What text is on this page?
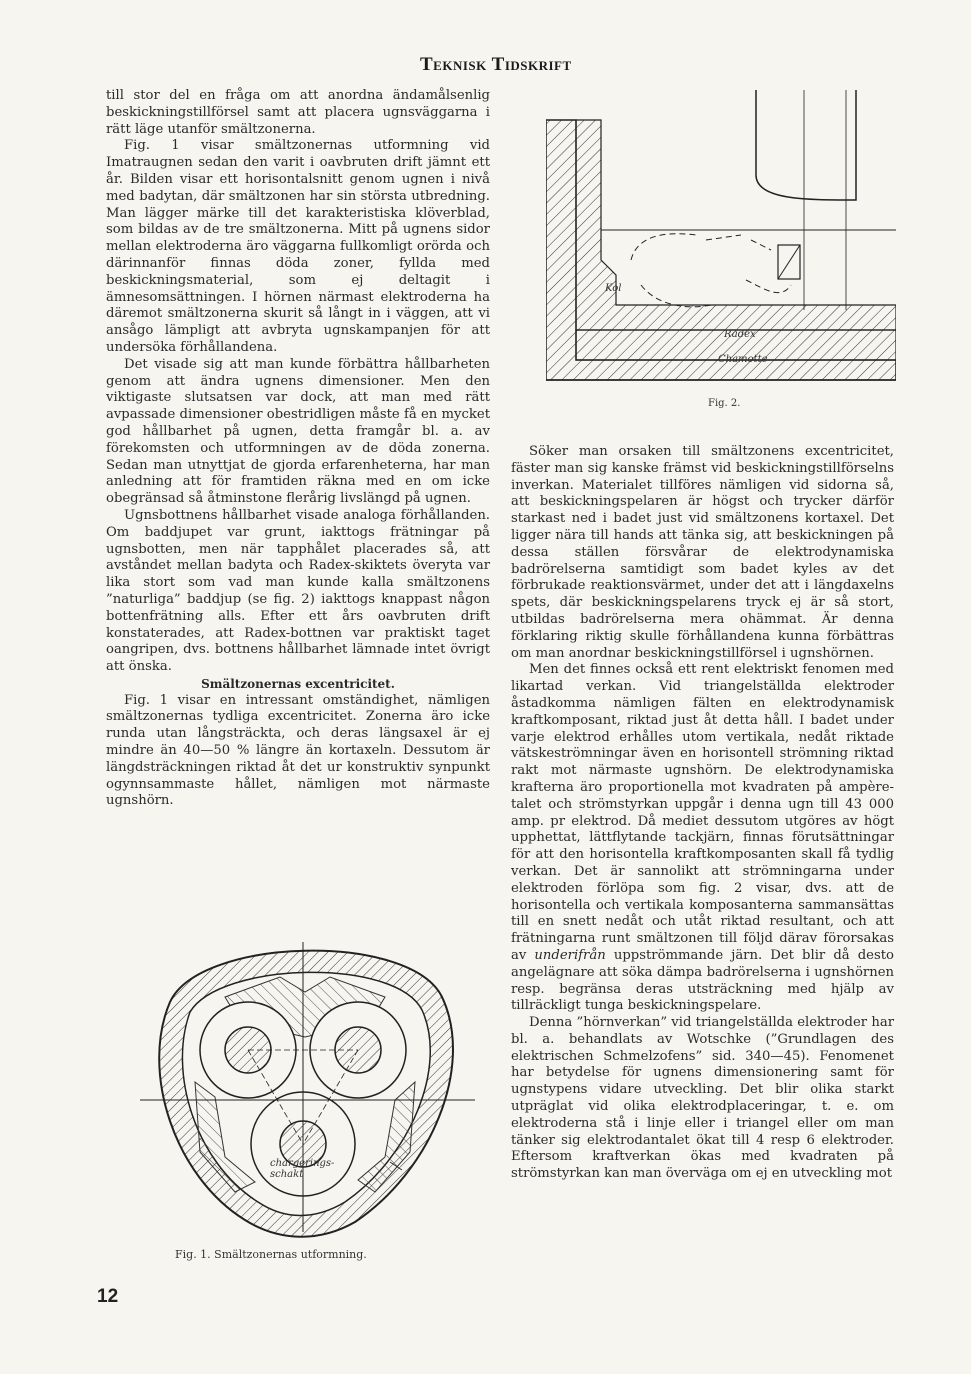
Teknisk Tidskrift

till stor del en fråga om att anordna ändamålsenlig beskickningstillförsel samt att placera ugnsväggarna i rätt läge utanför smältzonerna.

Fig. 1 visar smältzonernas utformning vid Imatraugnen sedan den varit i oavbruten drift jämnt ett år. Bilden visar ett horisontalsnitt genom ugnen i nivå med badytan, där smältzonen har sin största utbredning. Man lägger märke till det karakteristiska klöverblad, som bildas av de tre smältzonerna. Mitt på ugnens sidor mellan elektroderna äro väggarna fullkomligt orörda och därinnanför finnas döda zoner, fyllda med beskickningsmaterial, som ej deltagit i ämnesomsättningen. I hörnen närmast elektroderna ha däremot smältzonerna skurit så långt in i väggen, att vi ansågo lämpligt att avbryta ugnskampanjen för att undersöka förhållandena.

Det visade sig att man kunde förbättra hållbarheten genom att ändra ugnens dimensioner. Men den viktigaste slutsatsen var dock, att man med rätt avpassade dimensioner obestridligen måste få en mycket god hållbarhet på ugnen, detta framgår bl. a. av förekomsten och utformningen av de döda zonerna. Sedan man utnyttjat de gjorda erfarenheterna, har man anledning att för framtiden räkna med en om icke obegränsad så åtminstone flerårig livslängd på ugnen.

Ugnsbottnens hållbarhet visade analoga förhållanden. Om baddjupet var grunt, iakttogs frätningar på ugnsbotten, men när tapphålet placerades så, att avståndet mellan badyta och Radex-skiktets överyta var lika stort som vad man kunde kalla smältzonens ”naturliga” baddjup (se fig. 2) iakttogs knappast någon bottenfrätning alls. Efter ett års oavbruten drift konstaterades, att Radex-bottnen var praktiskt taget oangripen, dvs. bottnens hållbarhet lämnade intet övrigt att önska.

Smältzonernas excentricitet.

Fig. 1 visar en intressant omständighet, nämligen smältzonernas tydliga excentricitet. Zonerna äro icke runda utan långsträckta, och deras längsaxel är ej mindre än 40—50 % längre än kortaxeln. Dessutom är längdsträckningen riktad åt det ur konstruktiv synpunkt ogynnsammaste hållet, nämligen mot närmaste ugnshörn.

chargerings-schakt
Fig. 1. Smältzonernas utformning.
Kol
Radex
Chamotte
Fig. 2.

Söker man orsaken till smältzonens excentricitet, fäster man sig kanske främst vid beskickningstillförselns inverkan. Materialet tillföres nämligen vid sidorna så, att beskickningspelaren är högst och trycker därför starkast ned i badet just vid smältzonens kortaxel. Det ligger nära till hands att tänka sig, att beskickningen på dessa ställen försvårar de elektrodynamiska badrörelserna samtidigt som badet kyles av det förbrukade reaktionsvärmet, under det att i längdaxelns spets, där beskickningspelarens tryck ej är så stort, utbildas badrörelserna mera ohämmat. Är denna förklaring riktig skulle förhållandena kunna förbättras om man anordnar beskickningstillförsel i ugnshörnen.

Men det finnes också ett rent elektriskt fenomen med likartad verkan. Vid triangelställda elektroder åstadkomma nämligen fälten en elektrodynamisk kraftkomposant, riktad just åt detta håll. I badet under varje elektrod erhålles utom vertikala, nedåt riktade vätskeströmningar även en horisontell strömning riktad rakt mot närmaste ugnshörn. De elektrodynamiska krafterna äro proportionella mot kvadraten på ampère-talet och strömstyrkan uppgår i denna ugn till 43 000 amp. pr elektrod. Då mediet dessutom utgöres av högt upphettat, lättflytande tackjärn, finnas förutsättningar för att den horisontella kraftkomposanten skall få tydlig verkan. Det är sannolikt att strömningarna under elektroden förlöpa som fig. 2 visar, dvs. att de horisontella och vertikala komposanterna sammansättas till en snett nedåt och utåt riktad resultant, och att frätningarna runt smältzonen till följd därav förorsakas av underifrån uppströmmande järn. Det blir då desto angelägnare att söka dämpa badrörelserna i ugnshörnen resp. begränsa deras utsträckning med hjälp av tillräckligt tunga beskickningspelare.

Denna ”hörnverkan” vid triangelställda elektroder har bl. a. behandlats av Wotschke (”Grundlagen des elektrischen Schmelzofens” sid. 340—45). Fenomenet har betydelse för ugnens dimensionering samt för ugnstypens vidare utveckling. Det blir olika starkt utpräglat vid olika elektrodplaceringar, t. e. om elektroderna stå i linje eller i triangel eller om man tänker sig elektrodantalet ökat till 4 resp 6 elektroder. Eftersom kraftverkan ökas med kvadraten på strömstyrkan kan man överväga om ej en utveckling mot

12
